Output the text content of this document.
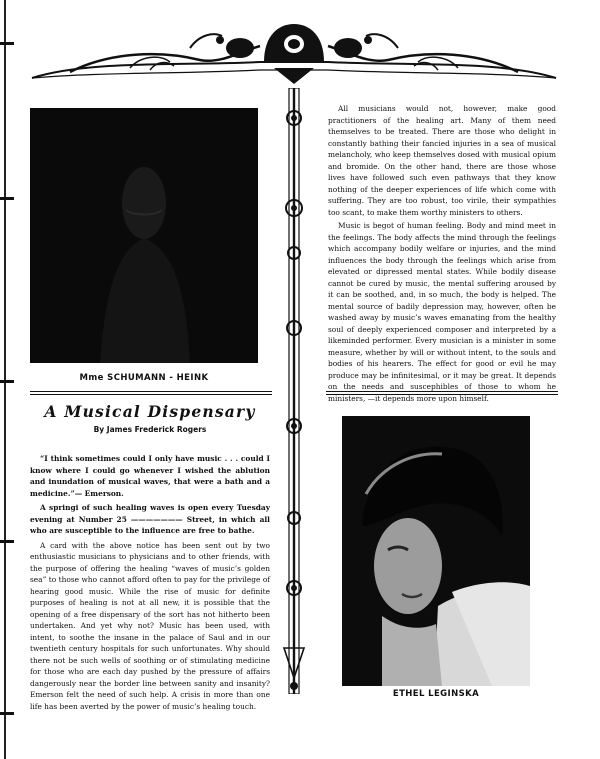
Mme SCHUMANN - HEINK
A Musical Dispensary
By James Frederick Rogers

“I think sometimes could I only have music . . . could I know where I could go whenever I wished the ablution and inundation of musical waves, that were a bath and a medicine.”— Emerson.

A springi of such healing waves is open every Tuesday evening at Number 25 ——————— Street, in which all who are susceptible to the influence are free to bathe.

A card with the above notice has been sent out by two enthusiastic musicians to physicians and to other friends, with the purpose of offering the healing “waves of music’s golden sea” to those who cannot afford often to pay for the privilege of hearing good music. While the rise of music for definite purposes of healing is not at all new, it is possible that the opening of a free dispensary of the sort has not hitherto been undertaken. And yet why not? Music has been used, with intent, to soothe the insane in the palace of Saul and in our twentieth century hospitals for such unfortunates. Why should there not be such wells of soothing or of stimulating medicine for those who are each day pushed by the pressure of affairs dangerously near the border line between sanity and insanity? Emerson felt the need of such help. A crisis in more than one life has been averted by the power of music’s healing touch.

All musicians would not, however, make good practitioners of the healing art. Many of them need themselves to be treated. There are those who delight in constantly bathing their fancied injuries in a sea of musical melancholy, who keep themselves dosed with musical opium and bromide. On the other hand, there are those whose lives have followed such even pathways that they know nothing of the deeper experiences of life which come with suffering. They are too robust, too virile, their sympathies too scant, to make them worthy ministers to others.

Music is begot of human feeling. Body and mind meet in the feelings. The body affects the mind through the feelings which accompany bodily welfare or injuries, and the mind influences the body through the feelings which arise from elevated or dipressed mental states. While bodily disease cannot be cured by music, the mental suffering aroused by it can be soothed, and, in so much, the body is helped. The mental source of badily depression may, however, often be washed away by music’s waves emanating from the healthy soul of deeply experienced composer and interpreted by a likeminded performer. Every musician is a minister in some measure, whether by will or without intent, to the souls and bodies of his hearers. The effect for good or evil he may produce may be infinitesimal, or it may be great. It depends on the needs and suscephibles of those to whom he ministers, —it depends more upon himself.

ETHEL LEGINSKA
